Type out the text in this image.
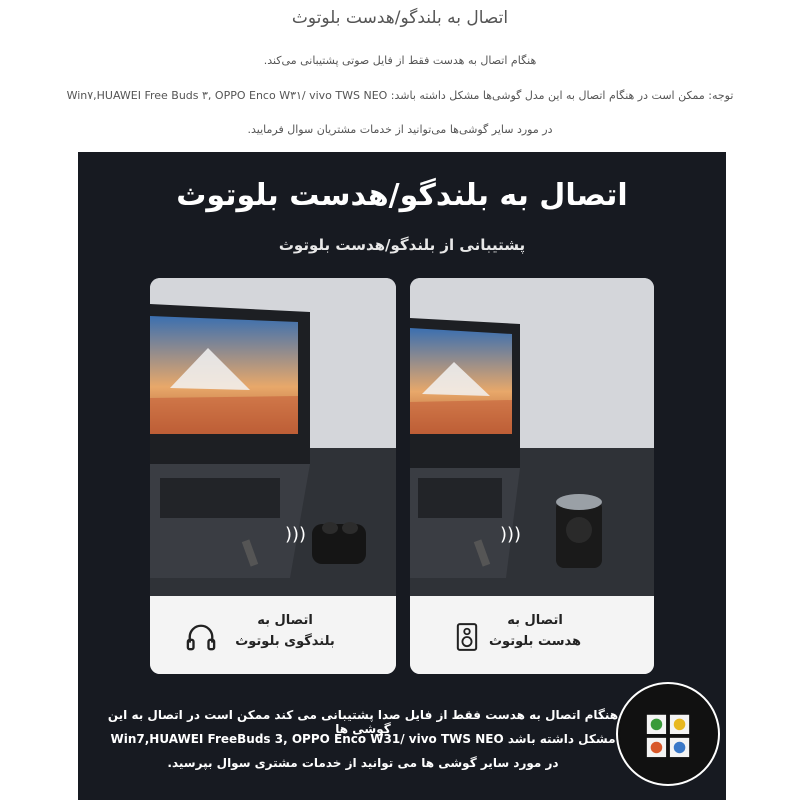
اتصال به بلندگو/هدست بلوتوث
هنگام اتصال به هدست فقط از فایل صوتی پشتیبانی می‌کند.
توجه: ممکن است در هنگام اتصال به این مدل گوشی‌ها مشکل داشته باشد: Win۷,HUAWEI Free Buds ۳, OPPO Enco W۳۱/ vivo TWS NEO
در مورد سایر گوشی‌ها می‌توانید از خدمات مشتریان سوال فرمایید.
اتصال به بلندگو/هدست بلوتوث
پشتیبانی از بلندگو/هدست بلوتوث
)))
اتصال به
بلندگوی بلوتوث
)))
اتصال به
هدست بلوتوث
هنگام اتصال به هدست فقط از فایل صدا پشتیبانی می کند ممکن است در اتصال به این گوشی ها
Win7,HUAWEI FreeBuds 3, OPPO Enco W31/ vivo TWS NEO مشکل داشته باشد
در مورد سایر گوشی ها می توانید از خدمات مشتری سوال بپرسید.
